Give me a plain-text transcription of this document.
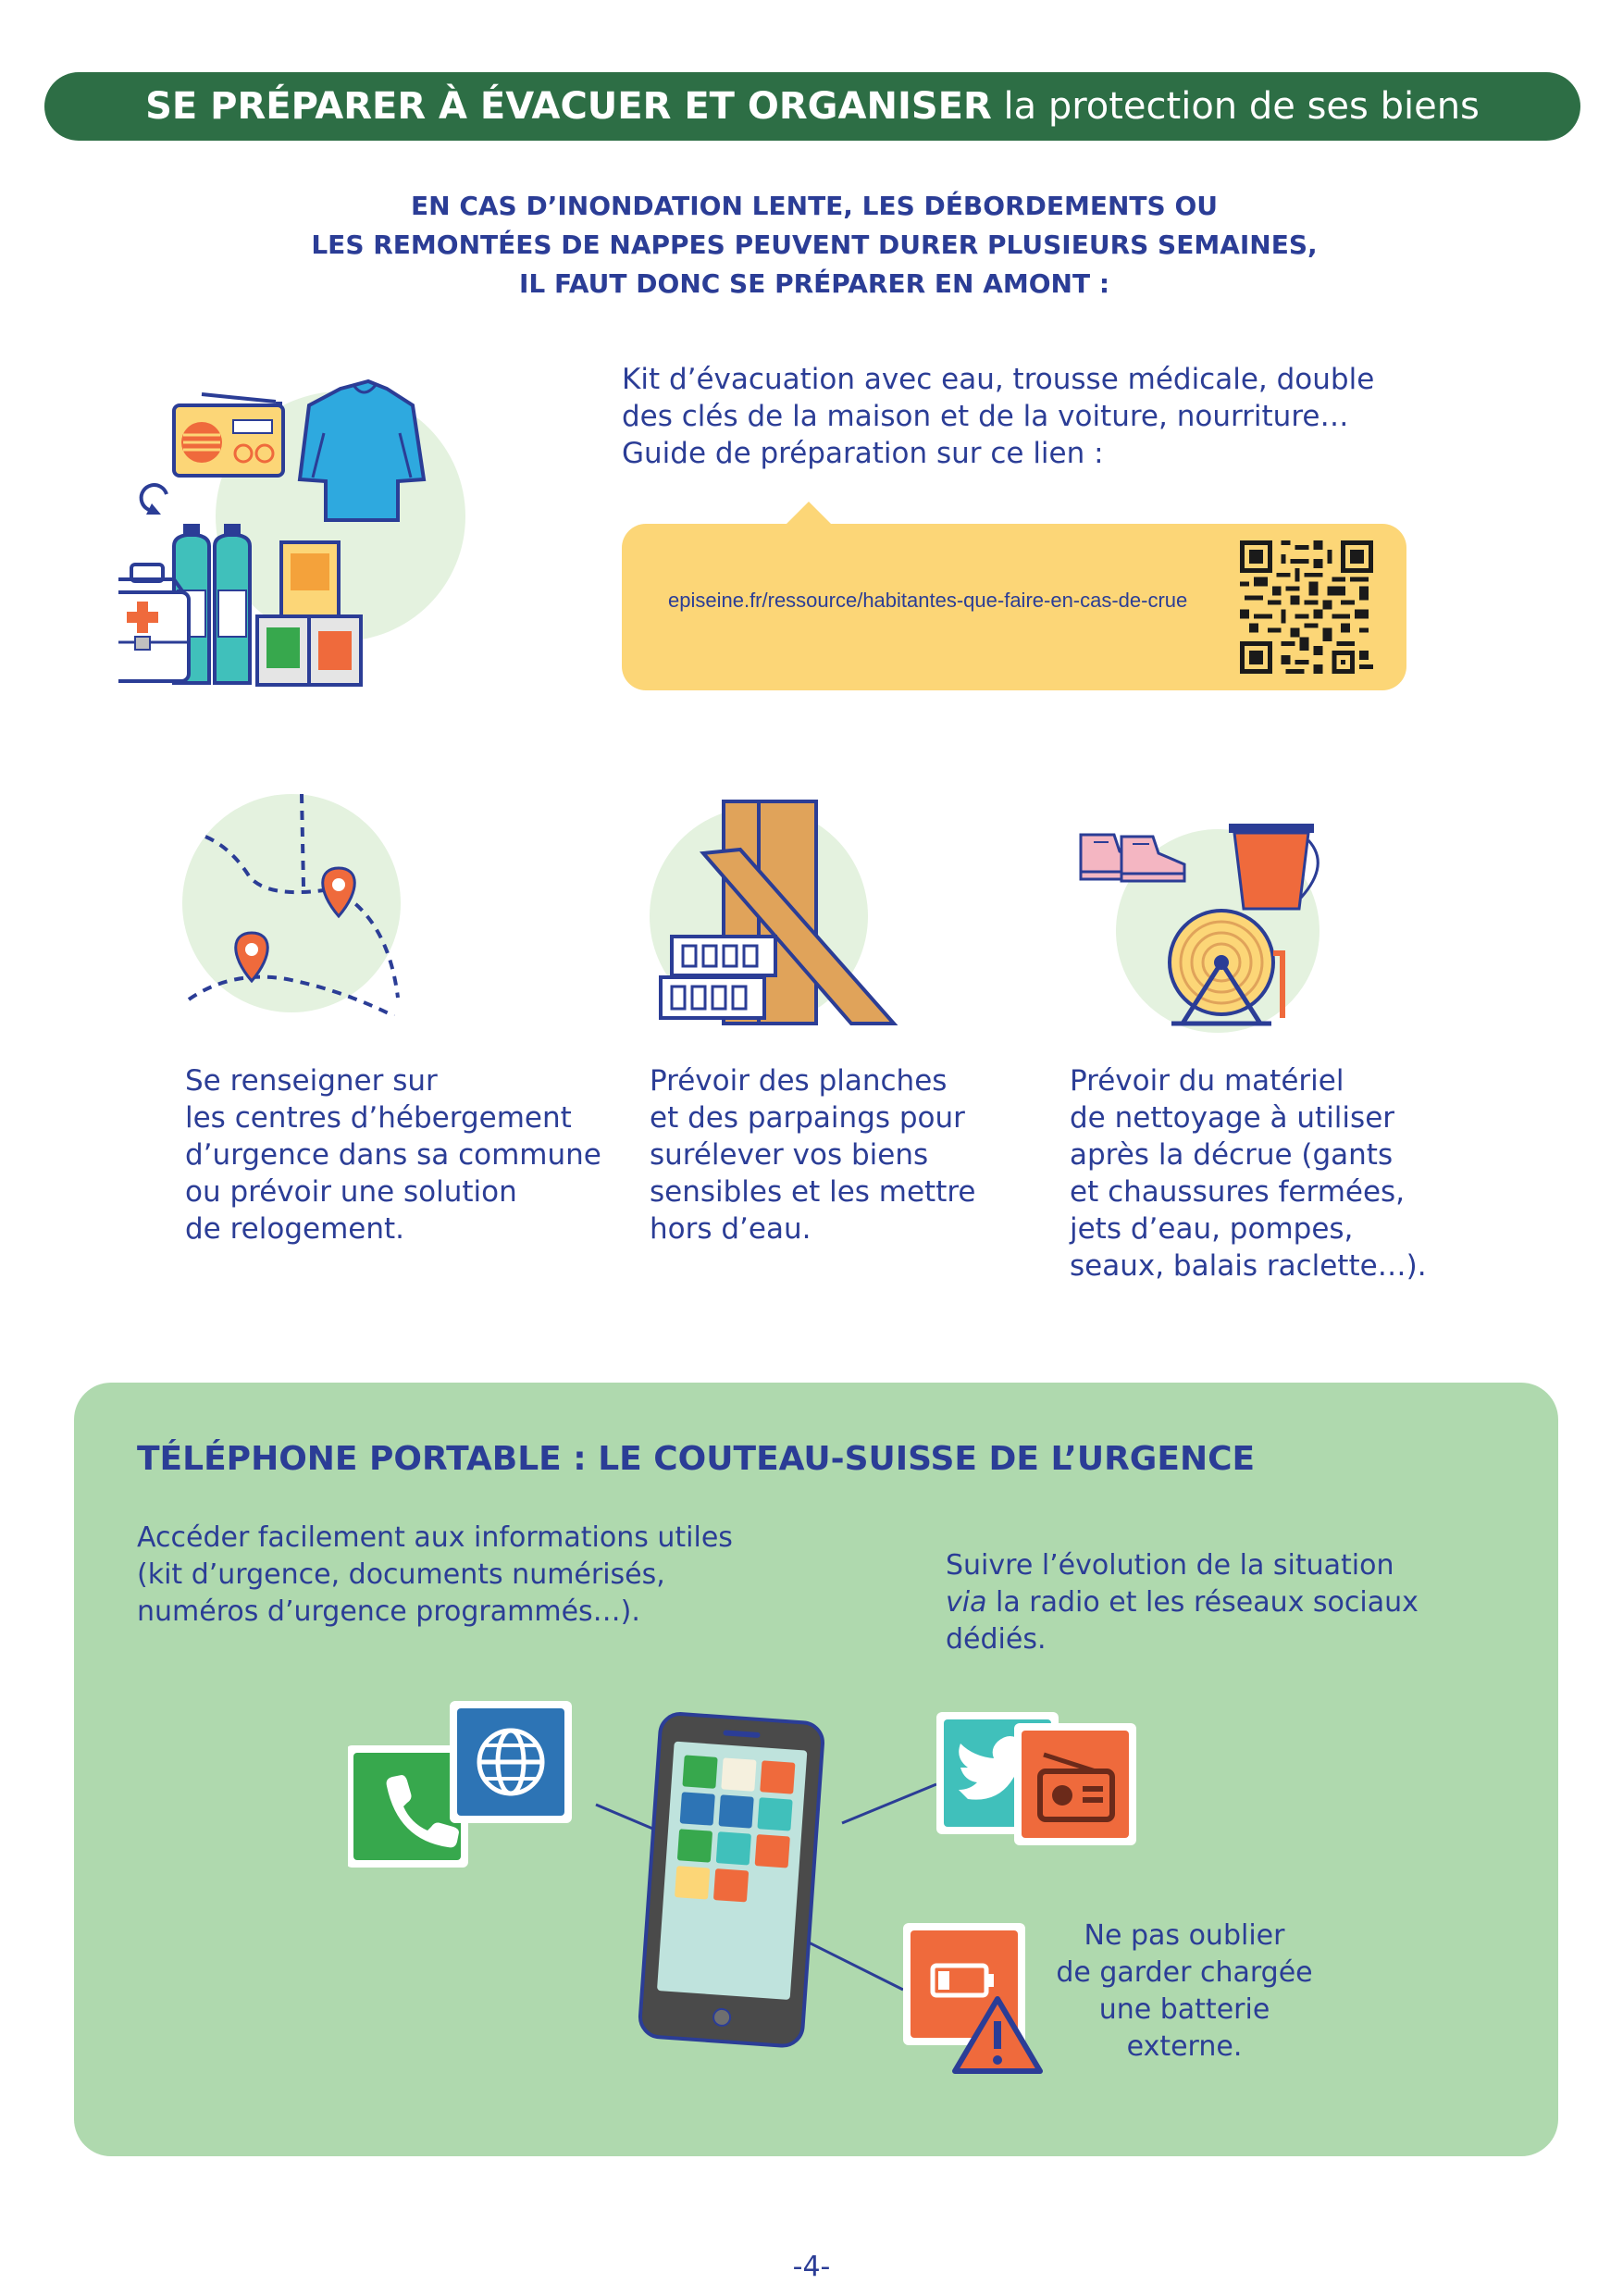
SE PRÉPARER À ÉVACUER ET ORGANISER la protection de ses biens
EN CAS D’INONDATION LENTE, LES DÉBORDEMENTS OU
LES REMONTÉES DE NAPPES PEUVENT DURER PLUSIEURS SEMAINES,
IL FAUT DONC SE PRÉPARER EN AMONT :
Kit d’évacuation avec eau, trousse médicale, double
des clés de la maison et de la voiture, nourriture…
Guide de préparation sur ce lien :
episeine.fr/ressource/habitantes-que-faire-en-cas-de-crue
Se renseigner sur
les centres d’hébergement
d’urgence dans sa commune
ou prévoir une solution
de relogement.
Prévoir des planches
et des parpaings pour
surélever vos biens
sensibles et les mettre
hors d’eau.
Prévoir du matériel
de nettoyage à utiliser
après la décrue (gants
et chaussures fermées,
jets d’eau, pompes,
seaux, balais raclette…).
TÉLÉPHONE PORTABLE : LE COUTEAU-SUISSE DE L’URGENCE
Accéder facilement aux informations utiles
(kit d’urgence, documents numérisés,
numéros d’urgence programmés…).
Suivre l’évolution de la situation
via la radio et les réseaux sociaux
dédiés.
Ne pas oublier
de garder chargée
une batterie
externe.
-4-
